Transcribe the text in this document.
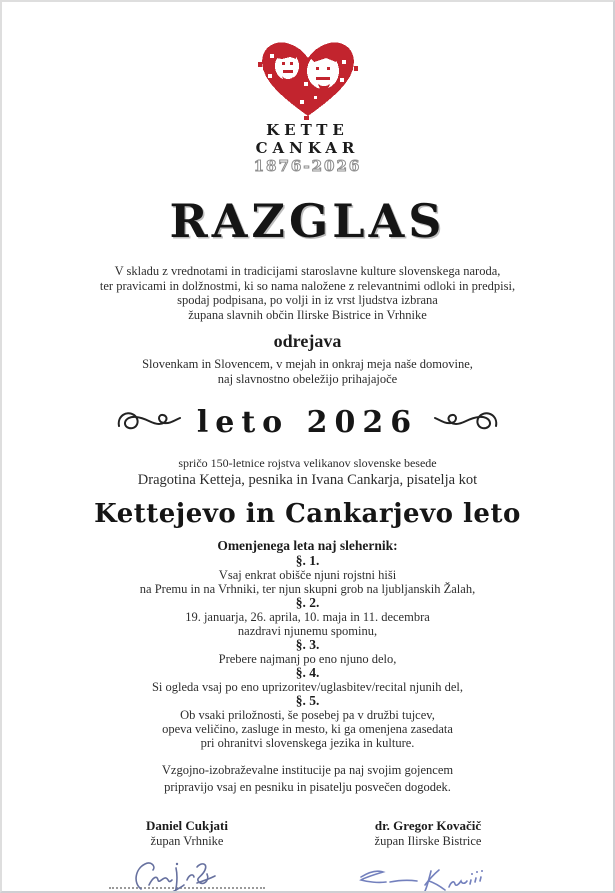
KETTE
CANKAR
1876-2026
RAZGLAS
V skladu z vrednotami in tradicijami staroslavne kulture slovenskega naroda,
ter pravicami in dolžnostmi, ki so nama naložene z relevantnimi odloki in predpisi,
spodaj podpisana, po volji in iz vrst ljudstva izbrana
župana slavnih občin Ilirske Bistrice in Vrhnike
odrejava
Slovenkam in Slovencem, v mejah in onkraj meja naše domovine,
naj slavnostno obeležijo prihajajoče
leto 2026
spričo 150-letnice rojstva velikanov slovenske besede
Dragotina Ketteja, pesnika in Ivana Cankarja, pisatelja kot
Kettejevo in Cankarjevo leto
Omenjenega leta naj slehernik:
§. 1.
Vsaj enkrat obišče njuni rojstni hiši
na Premu in na Vrhniki, ter njun skupni grob na ljubljanskih Žalah,
§. 2.
19. januarja, 26. aprila, 10. maja in 11. decembra
nazdravi njunemu spominu,
§. 3.
Prebere najmanj po eno njuno delo,
§. 4.
Si ogleda vsaj po eno uprizoritev/uglasbitev/recital njunih del,
§. 5.
Ob vsaki priložnosti, še posebej pa v družbi tujcev,
opeva veličino, zasluge in mesto, ki ga omenjena zasedata
pri ohranitvi slovenskega jezika in kulture.
Vzgojno-izobraževalne institucije pa naj svojim gojencem
pripravijo vsaj en pesniku in pisatelju posvečen dogodek.
Daniel Cukjati
župan Vrhnike
dr. Gregor Kovačič
župan Ilirske Bistrice
